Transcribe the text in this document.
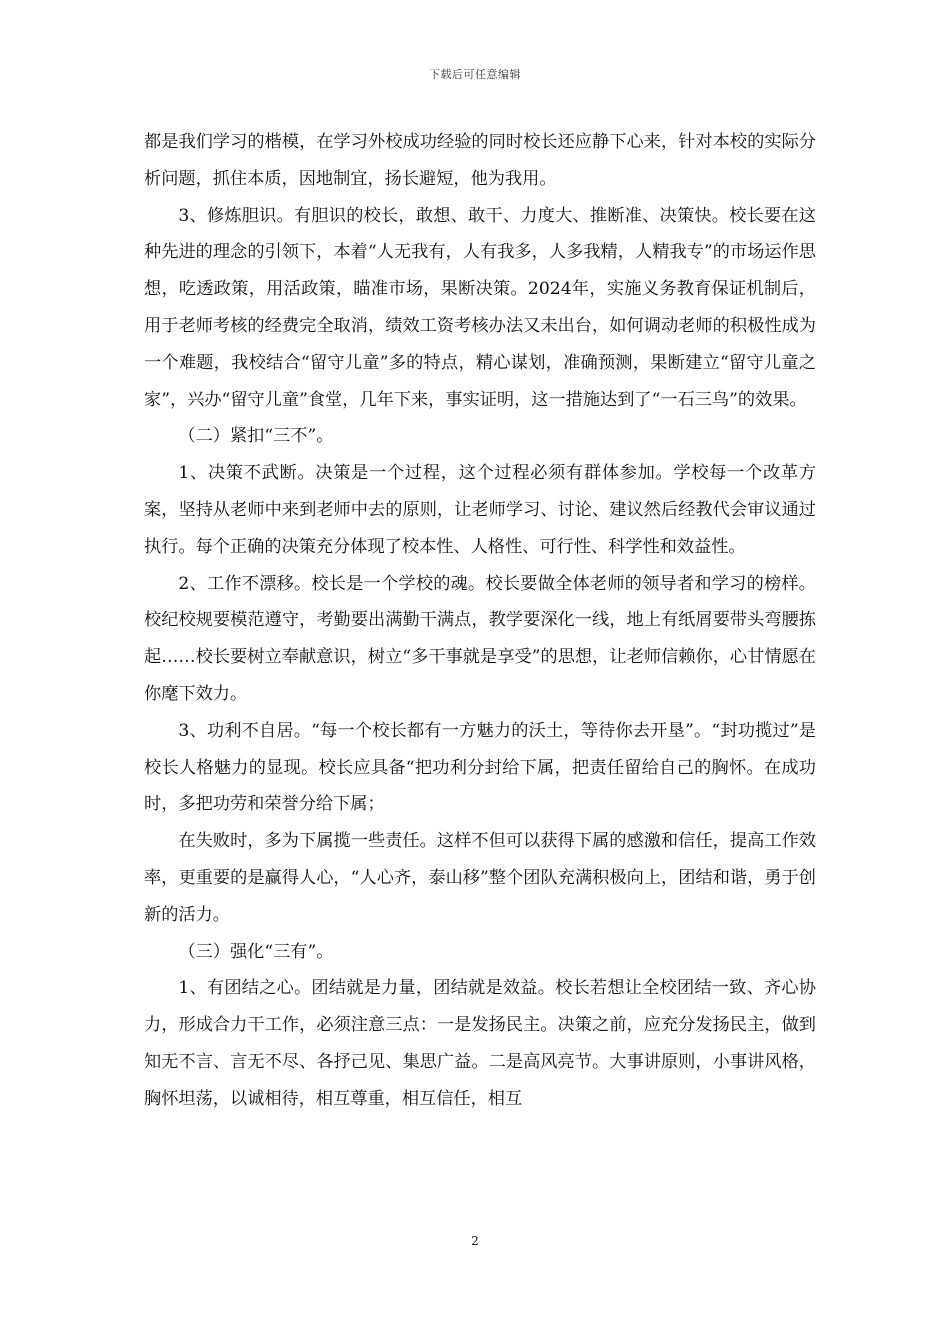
下载后可任意编辑

都是我们学习的楷模，在学习外校成功经验的同时校长还应静下心来，针对本校的实际分析问题，抓住本质，因地制宜，扬长避短，他为我用。

3、修炼胆识。有胆识的校长，敢想、敢干、力度大、推断准、决策快。校长要在这种先进的理念的引领下，本着“人无我有，人有我多，人多我精，人精我专”的市场运作思想，吃透政策，用活政策，瞄准市场，果断决策。2024年，实施义务教育保证机制后，用于老师考核的经费完全取消，绩效工资考核办法又未出台，如何调动老师的积极性成为一个难题，我校结合“留守儿童”多的特点，精心谋划，准确预测，果断建立“留守儿童之家”，兴办“留守儿童”食堂，几年下来，事实证明，这一措施达到了“一石三鸟”的效果。

（二）紧扣“三不”。

1、决策不武断。决策是一个过程，这个过程必须有群体参加。学校每一个改革方案，坚持从老师中来到老师中去的原则，让老师学习、讨论、建议然后经教代会审议通过执行。每个正确的决策充分体现了校本性、人格性、可行性、科学性和效益性。

2、工作不漂移。校长是一个学校的魂。校长要做全体老师的领导者和学习的榜样。校纪校规要模范遵守，考勤要出满勤干满点，教学要深化一线，地上有纸屑要带头弯腰拣起……校长要树立奉献意识，树立“多干事就是享受”的思想，让老师信赖你，心甘情愿在你麾下效力。

3、功利不自居。“每一个校长都有一方魅力的沃土，等待你去开垦”。“封功揽过”是校长人格魅力的显现。校长应具备“把功利分封给下属，把责任留给自己的胸怀。在成功时，多把功劳和荣誉分给下属；

在失败时，多为下属揽一些责任。这样不但可以获得下属的感激和信任，提高工作效率，更重要的是赢得人心，“人心齐，泰山移”整个团队充满积极向上，团结和谐，勇于创新的活力。

（三）强化“三有”。

1、有团结之心。团结就是力量，团结就是效益。校长若想让全校团结一致、齐心协力，形成合力干工作，必须注意三点：一是发扬民主。决策之前，应充分发扬民主，做到知无不言、言无不尽、各抒己见、集思广益。二是高风亮节。大事讲原则，小事讲风格，胸怀坦荡，以诚相待，相互尊重，相互信任，相互

2
